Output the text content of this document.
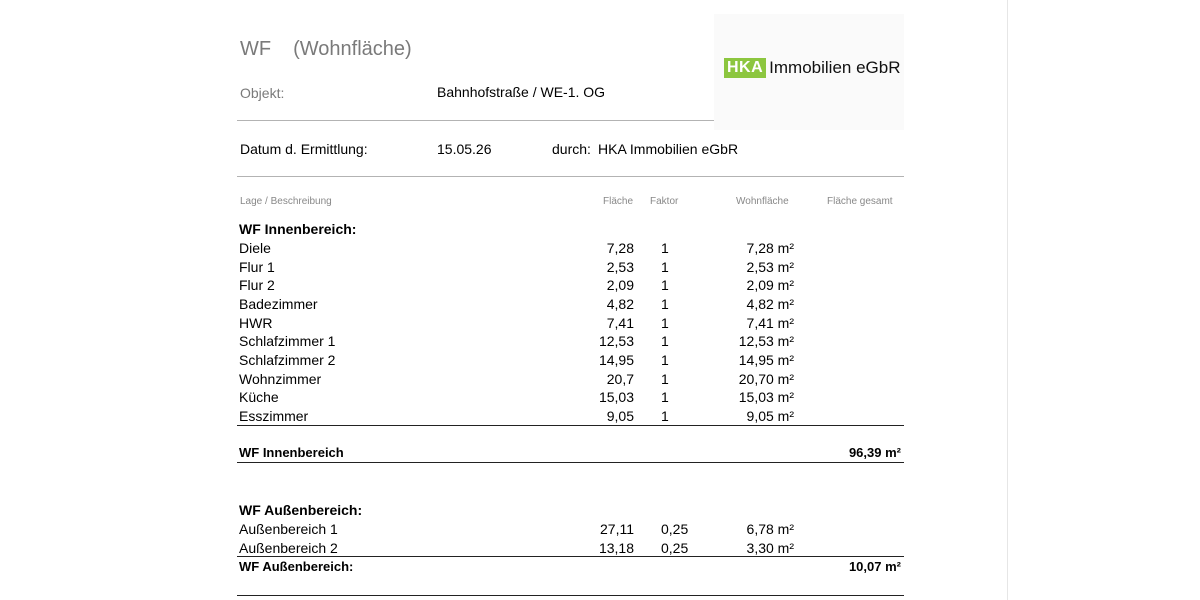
WF (Wohnfläche)
Objekt:	Bahnhofstraße / WE-1. OG
HKA Immobilien eGbR
Datum d. Ermittlung:	15.05.26	durch: HKA Immobilien eGbR
Lage / Beschreibung	Fläche Faktor	Wohnfläche	Fläche gesamt
WF Innenbereich:
Diele	7,28 1	7,28 m²
Flur 1	2,53 1	2,53 m²
Flur 2	2,09 1	2,09 m²
Badezimmer	4,82 1	4,82 m²
HWR	7,41 1	7,41 m²
Schlafzimmer 1	12,53 1	12,53 m²
Schlafzimmer 2	14,95 1	14,95 m²
Wohnzimmer	20,7 1	20,70 m²
Küche	15,03 1	15,03 m²
Esszimmer	9,05 1	9,05 m²
WF Innenbereich	96,39 m²
WF Außenbereich:
Außenbereich 1	27,11 0,25	6,78 m²
Außenbereich 2	13,18 0,25	3,30 m²
WF Außenbereich:	10,07 m²
